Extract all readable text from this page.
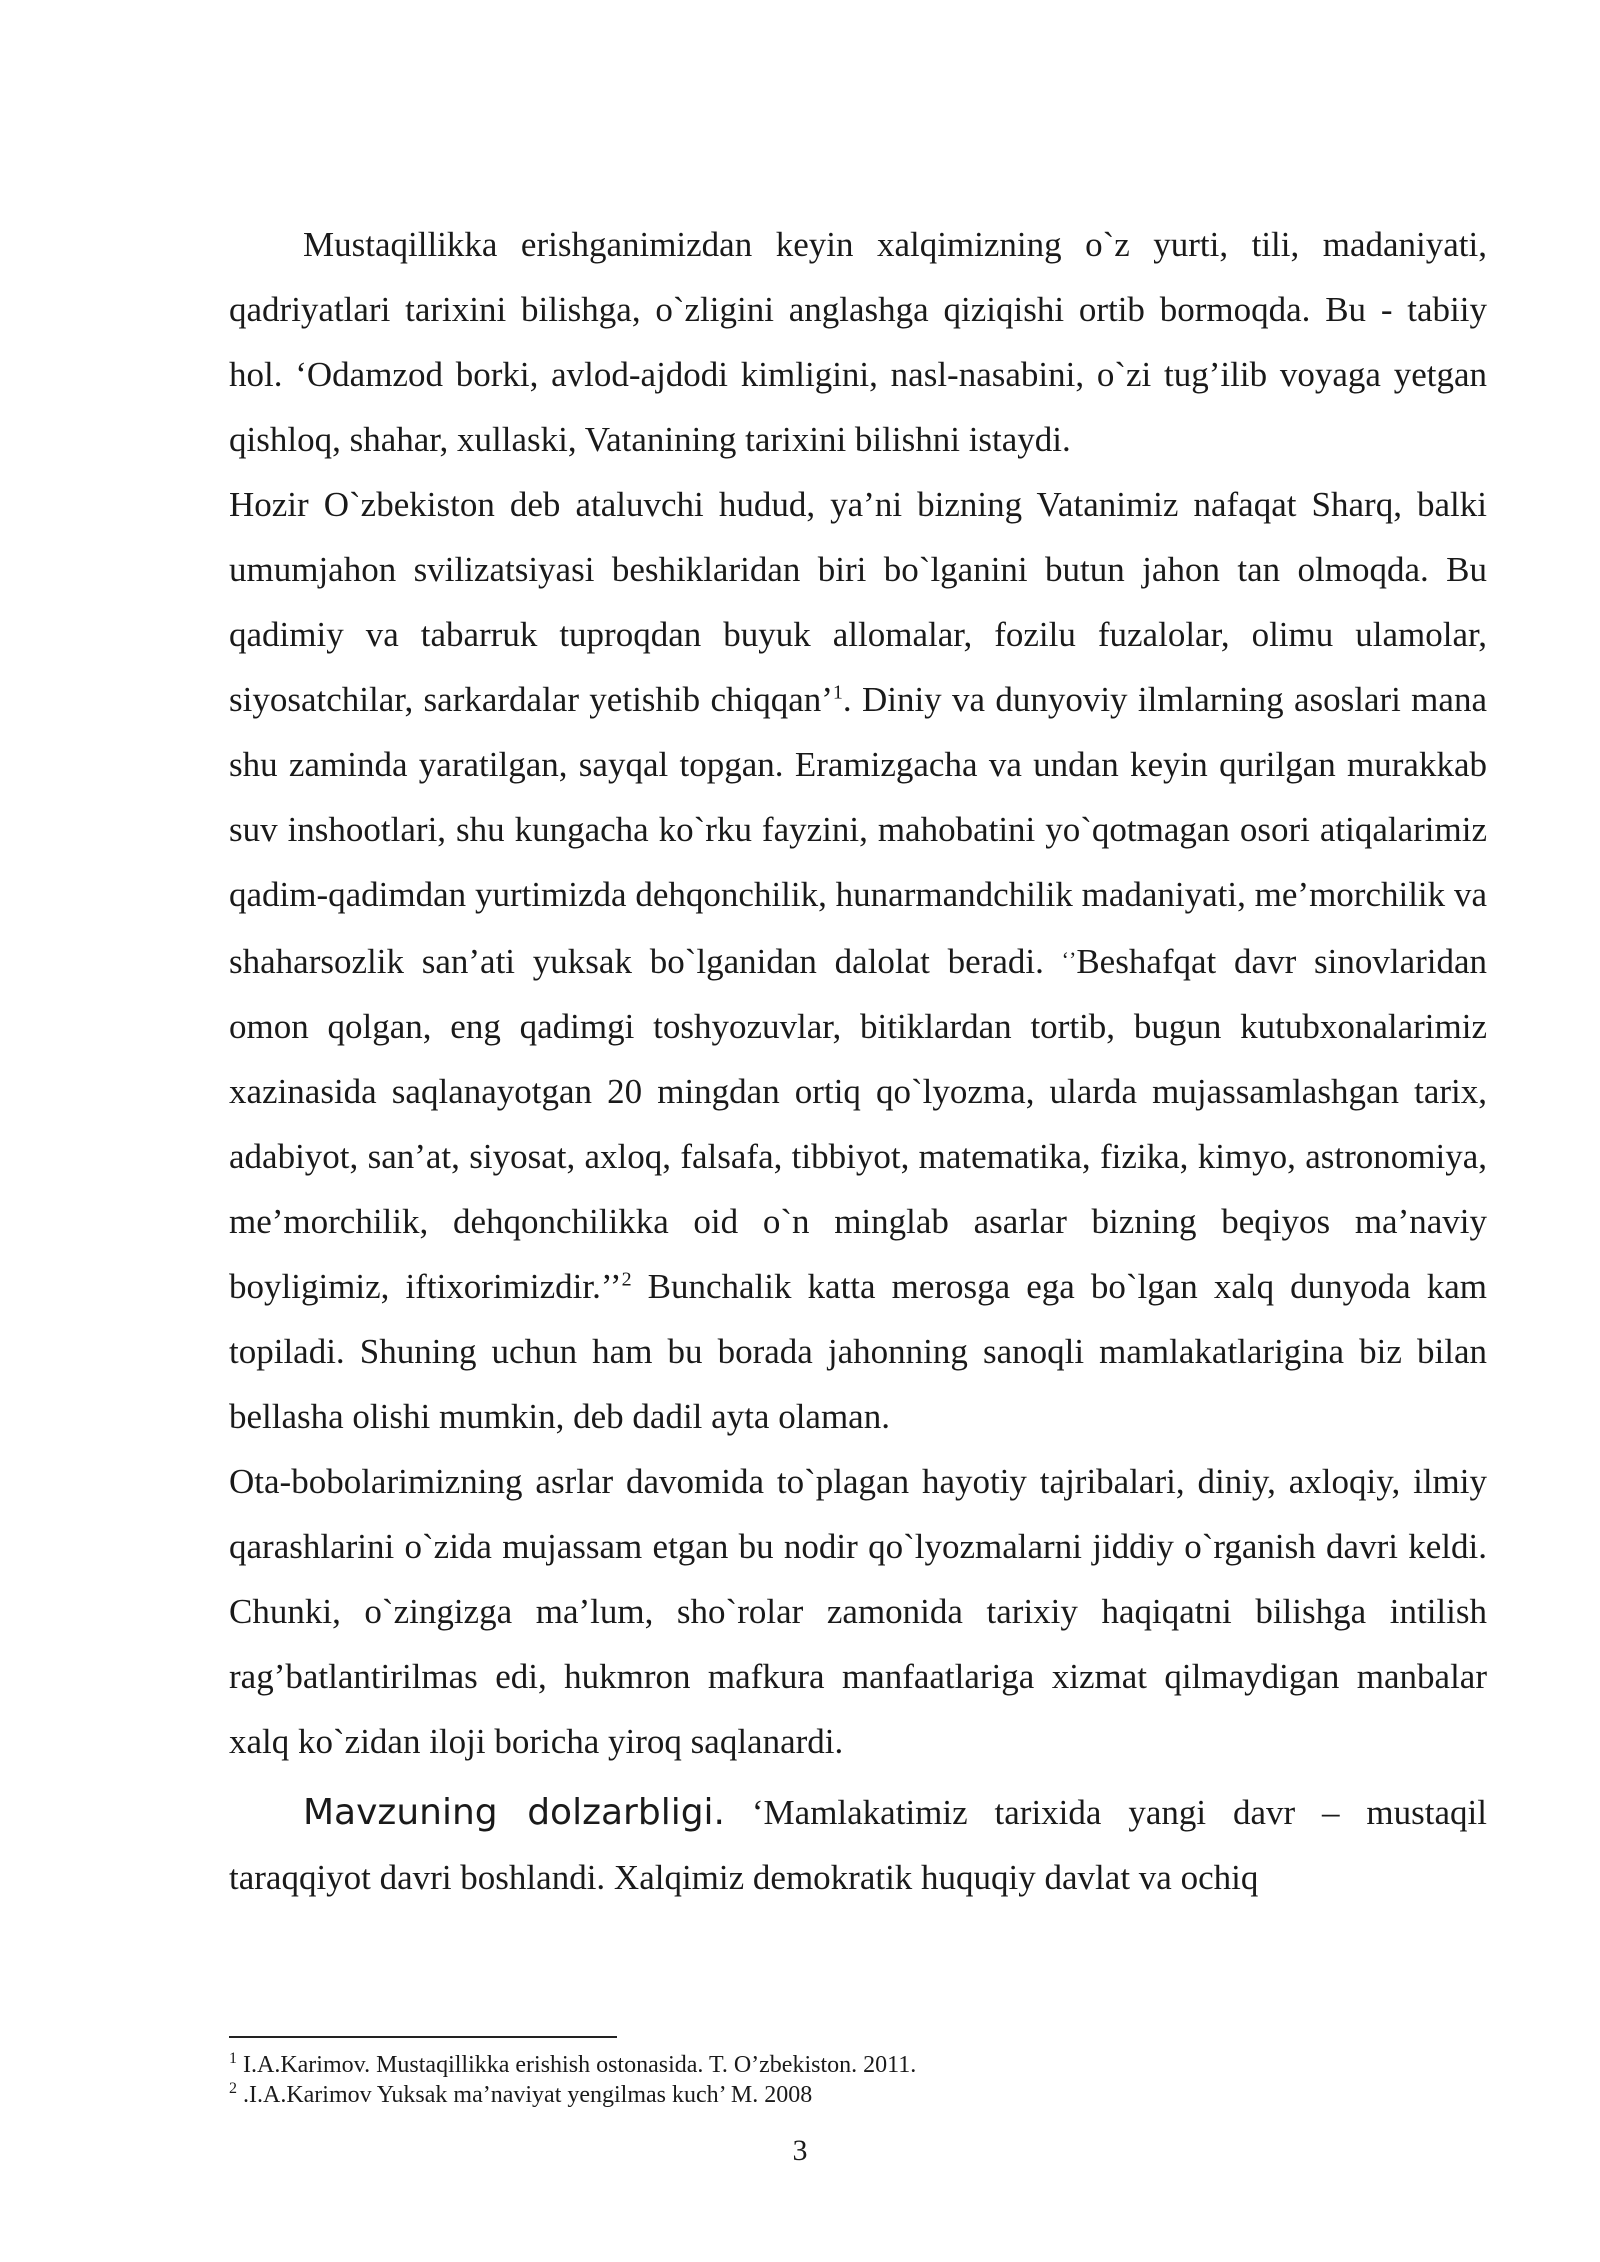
Mustaqillikka erishganimizdan keyin xalqimizning o`z yurti, tili, madaniyati, qadriyatlari tarixini bilishga, o`zligini anglashga qiziqishi ortib bormoqda. Bu - tabiiy hol. ‘Odamzod borki, avlod-ajdodi kimligini, nasl-nasabini, o`zi tug’ilib voyaga yetgan qishloq, shahar, xullaski, Vatanining tarixini bilishni istaydi.

Hozir O`zbekiston deb ataluvchi hudud, ya’ni bizning Vatanimiz nafaqat Sharq, balki umumjahon svilizatsiyasi beshiklaridan biri bo`lganini butun jahon tan olmoqda. Bu qadimiy va tabarruk tuproqdan buyuk allomalar, fozilu fuzalolar, olimu ulamolar, siyosatchilar, sarkardalar yetishib chiqqan’$^1$. Diniy va dunyoviy ilmlarning asoslari mana shu zaminda yaratilgan, sayqal topgan. Eramizgacha va undan keyin qurilgan murakkab suv inshootlari, shu kungacha ko`rku fayzini, mahobatini yo`qotmagan osori atiqalarimiz qadim-qadimdan yurtimizda dehqonchilik, hunarmandchilik madaniyati, me’morchilik va shaharsozlik san’ati yuksak bo`lganidan dalolat beradi. ‘’Beshafqat davr sinovlaridan omon qolgan, eng qadimgi toshyozuvlar, bitiklardan tortib, bugun kutubxonalarimiz xazinasida saqlanayotgan 20 mingdan ortiq qo`lyozma, ularda mujassamlashgan tarix, adabiyot, san’at, siyosat, axloq, falsafa, tibbiyot, matematika, fizika, kimyo, astronomiya, me’morchilik, dehqonchilikka oid o`n minglab asarlar bizning beqiyos ma’naviy boyligimiz, iftixorimizdir.’’$^2$ Bunchalik katta merosga ega bo`lgan xalq dunyoda kam topiladi. Shuning uchun ham bu borada jahonning sanoqli mamlakatlarigina biz bilan bellasha olishi mumkin, deb dadil ayta olaman.

Ota-bobolarimizning asrlar davomida to`plagan hayotiy tajribalari, diniy, axloqiy, ilmiy qarashlarini o`zida mujassam etgan bu nodir qo`lyozmalarni jiddiy o`rganish davri keldi. Chunki, o`zingizga ma’lum, sho`rolar zamonida tarixiy haqiqatni bilishga intilish rag’batlantirilmas edi, hukmron mafkura manfaatlariga xizmat qilmaydigan manbalar xalq ko`zidan iloji boricha yiroq saqlanardi.

Mavzuning dolzarbligi. ‘Mamlakatimiz tarixida yangi davr – mustaqil taraqqiyot davri boshlandi. Xalqimiz demokratik huquqiy davlat va ochiq

$^1$ I.A.Karimov. Mustaqillikka erishish ostonasida. T. O’zbekiston. 2011.
$^2$ .I.A.Karimov Yuksak ma’naviyat yengilmas kuch’ M. 2008
3
